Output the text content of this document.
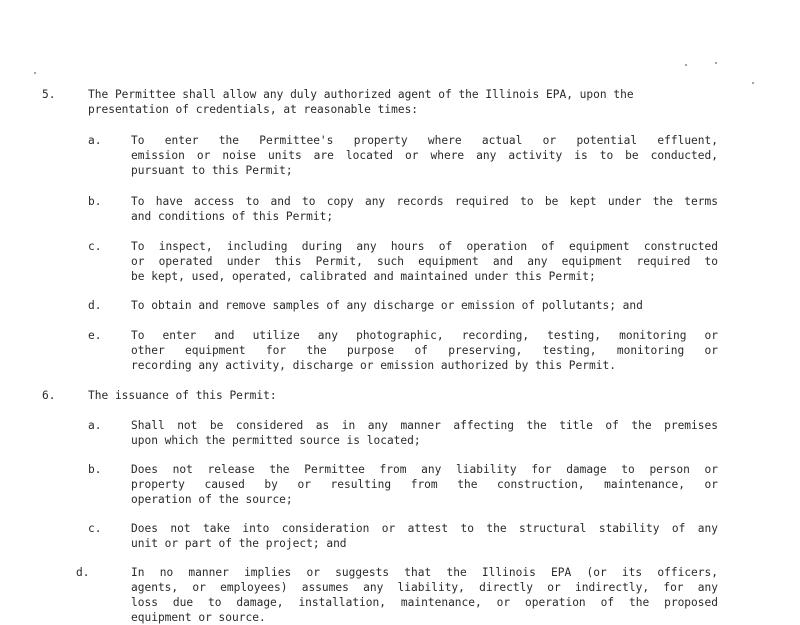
5.	The Permittee shall allow any duly authorized agent of the Illinois EPA, upon the
presentation of credentials, at reasonable times:
a.	To enter the Permittee's property where actual or potential effluent,
emission or noise units are located or where any activity is to be conducted,
pursuant to this Permit;
b.	To have access to and to copy any records required to be kept under the terms
and conditions of this Permit;
c.	To inspect, including during any hours of operation of equipment constructed
or operated under this Permit, such equipment and any equipment required to
be kept, used, operated, calibrated and maintained under this Permit;
d.	To obtain and remove samples of any discharge or emission of pollutants; and
e.	To enter and utilize any photographic, recording, testing, monitoring or
other equipment for the purpose of preserving, testing, monitoring or
recording any activity, discharge or emission authorized by this Permit.
6.	The issuance of this Permit:
a.	Shall not be considered as in any manner affecting the title of the premises
upon which the permitted source is located;
b.	Does not release the Permittee from any liability for damage to person or
property caused by or resulting from the construction, maintenance, or
operation of the source;
c.	Does not take into consideration or attest to the structural stability of any
unit or part of the project; and
d.	In no manner implies or suggests that the Illinois EPA (or its officers,
agents, or employees) assumes any liability, directly or indirectly, for any
loss due to damage, installation, maintenance, or operation of the proposed
equipment or source.
